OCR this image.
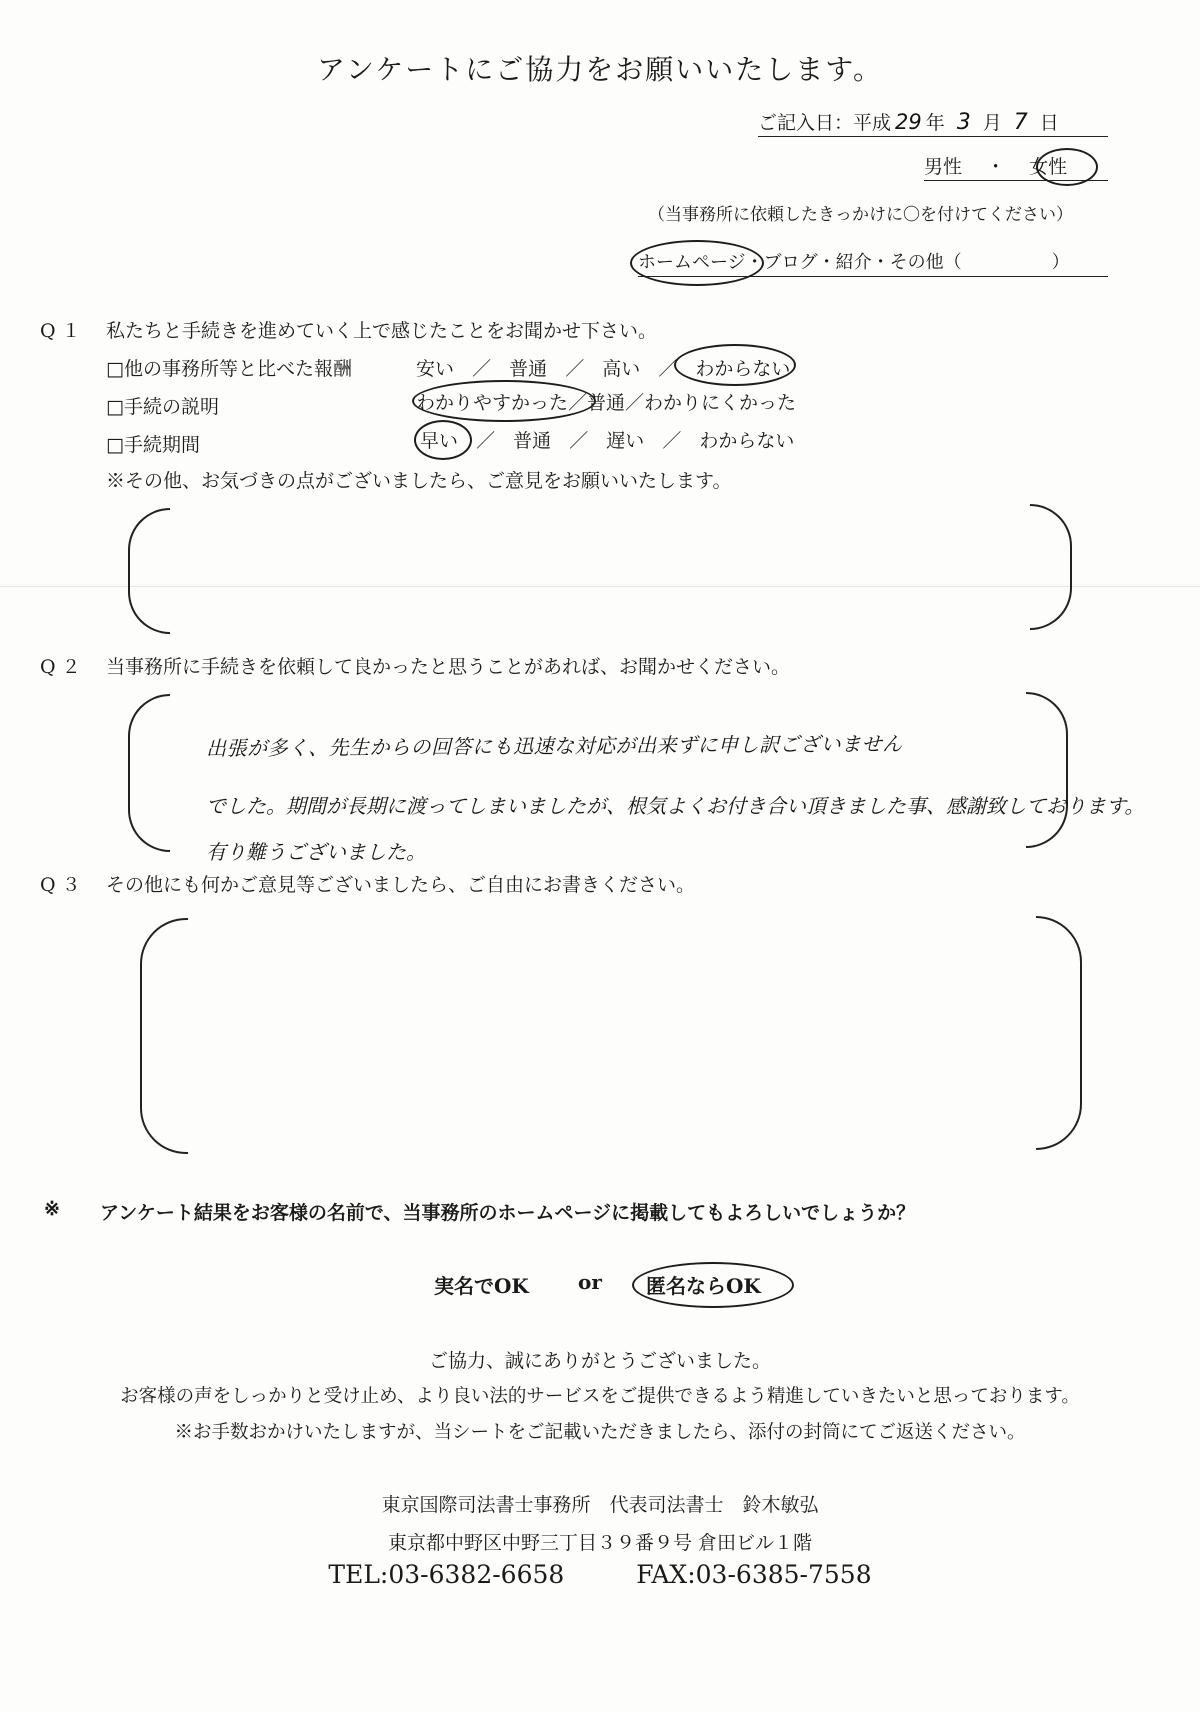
アンケートにご協力をお願いいたします。
ご記入日：平成 29 年 3 月 7 日
男性 ・ 女性
（当事務所に依頼したきっかけに〇を付けてください）
ホームページ・ブログ・紹介・その他（　　　　　）
Q１ 私たちと手続きを進めていく上で感じたことをお聞かせ下さい。
□他の事務所等と比べた報酬	安い ／ 普通 ／ 高い ／ わからない
□手続の説明	わかりやすかった／普通／わかりにくかった
□手続期間	早い ／ 普通 ／ 遅い ／ わからない
※その他、お気づきの点がございましたら、ご意見をお願いいたします。
Q２ 当事務所に手続きを依頼して良かったと思うことがあれば、お聞かせください。
出張が多く、先生からの回答にも迅速な対応が出来ずに申し訳ございません
でした。期間が長期に渡ってしまいましたが、根気よくお付き合い頂きました事、感謝致しております。
有り難うございました。
Q３ その他にも何かご意見等ございましたら、ご自由にお書きください。
※ アンケート結果をお客様の名前で、当事務所のホームページに掲載してもよろしいでしょうか？
実名でOK or 匿名ならOK
ご協力、誠にありがとうございました。
お客様の声をしっかりと受け止め、より良い法的サービスをご提供できるよう精進していきたいと思っております。
※お手数おかけいたしますが、当シートをご記載いただきましたら、添付の封筒にてご返送ください。
東京国際司法書士事務所　代表司法書士　鈴木敏弘
東京都中野区中野三丁目３９番９号 倉田ビル１階
TEL:03-6382-6658	FAX:03-6385-7558
